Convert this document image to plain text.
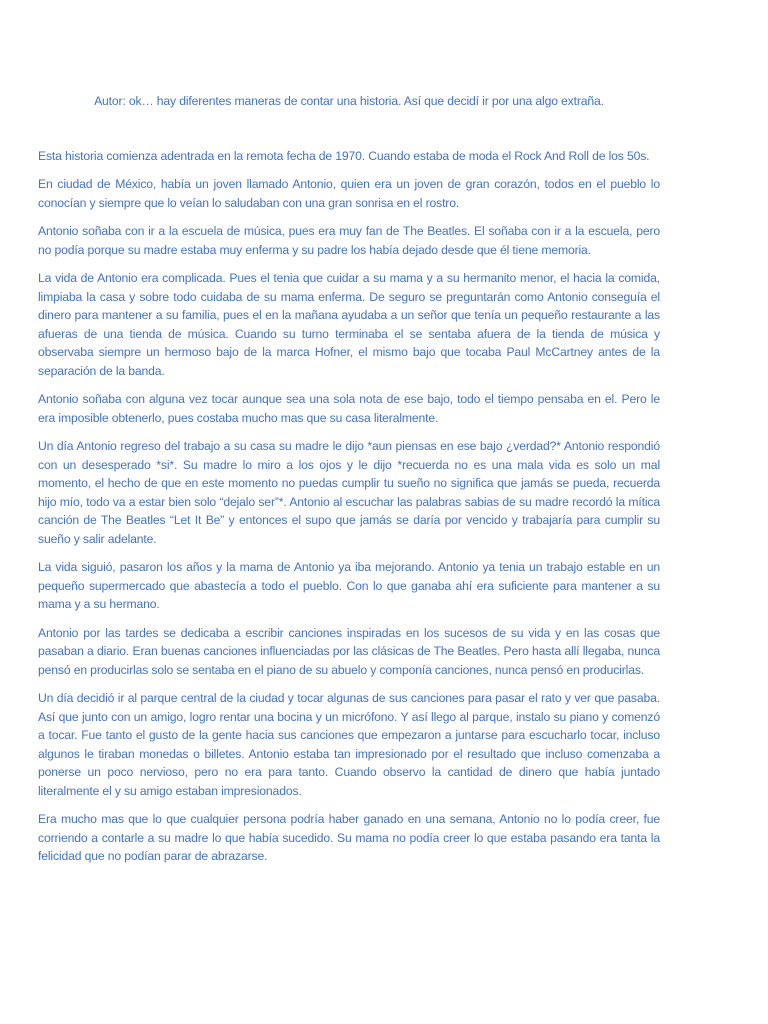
Autor: ok… hay diferentes maneras de contar una historia. Así que decidí ir por una algo extraña.

Esta historia comienza adentrada en la remota fecha de 1970. Cuando estaba de moda el Rock And Roll de los 50s.

En ciudad de México, había un joven llamado Antonio, quien era un joven de gran corazón, todos en el pueblo lo conocían y siempre que lo veían lo saludaban con una gran sonrisa en el rostro.

Antonio soñaba con ir a la escuela de música, pues era muy fan de The Beatles. El soñaba con ir a la escuela, pero no podía porque su madre estaba muy enferma y su padre los había dejado desde que él tiene memoria.

La vida de Antonio era complicada. Pues el tenia que cuidar a su mama y a su hermanito menor, el hacia la comida, limpiaba la casa y sobre todo cuidaba de su mama enferma. De seguro se preguntarán como Antonio conseguía el dinero para mantener a su familia, pues el en la mañana ayudaba a un señor que tenía un pequeño restaurante a las afueras de una tienda de música. Cuando su turno terminaba el se sentaba afuera de la tienda de música y observaba siempre un hermoso bajo de la marca Hofner, el mismo bajo que tocaba Paul McCartney antes de la separación de la banda.

Antonio soñaba con alguna vez tocar aunque sea una sola nota de ese bajo, todo el tiempo pensaba en el. Pero le era imposible obtenerlo, pues costaba mucho mas que su casa literalmente.

Un día Antonio regreso del trabajo a su casa su madre le dijo *aun piensas en ese bajo ¿verdad?* Antonio respondió con un desesperado *si*. Su madre lo miro a los ojos y le dijo *recuerda no es una mala vida es solo un mal momento, el hecho de que en este momento no puedas cumplir tu sueño no significa que jamás se pueda, recuerda hijo mío, todo va a estar bien solo “dejalo ser”*. Antonio al escuchar las palabras sabias de su madre recordó la mítica canción de The Beatles “Let It Be” y entonces el supo que jamás se daría por vencido y trabajaría para cumplir su sueño y salir adelante.

La vida siguió, pasaron los años y la mama de Antonio ya iba mejorando. Antonio ya tenia un trabajo estable en un pequeño supermercado que abastecía a todo el pueblo. Con lo que ganaba ahí era suficiente para mantener a su mama y a su hermano.

Antonio por las tardes se dedicaba a escribir canciones inspiradas en los sucesos de su vida y en las cosas que pasaban a diario. Eran buenas canciones influenciadas por las clásicas de The Beatles. Pero hasta allí llegaba, nunca pensó en producirlas solo se sentaba en el piano de su abuelo y componía canciones, nunca pensó en producirlas.

Un día decidió ir al parque central de la ciudad y tocar algunas de sus canciones para pasar el rato y ver que pasaba. Así que junto con un amigo, logro rentar una bocina y un micrófono. Y así llego al parque, instalo su piano y comenzó a tocar. Fue tanto el gusto de la gente hacia sus canciones que empezaron a juntarse para escucharlo tocar, incluso algunos le tiraban monedas o billetes. Antonio estaba tan impresionado por el resultado que incluso comenzaba a ponerse un poco nervioso, pero no era para tanto. Cuando observo la cantidad de dinero que había juntado literalmente el y su amigo estaban impresionados.

Era mucho mas que lo que cualquier persona podría haber ganado en una semana, Antonio no lo podía creer, fue corriendo a contarle a su madre lo que había sucedido. Su mama no podía creer lo que estaba pasando era tanta la felicidad que no podían parar de abrazarse.
